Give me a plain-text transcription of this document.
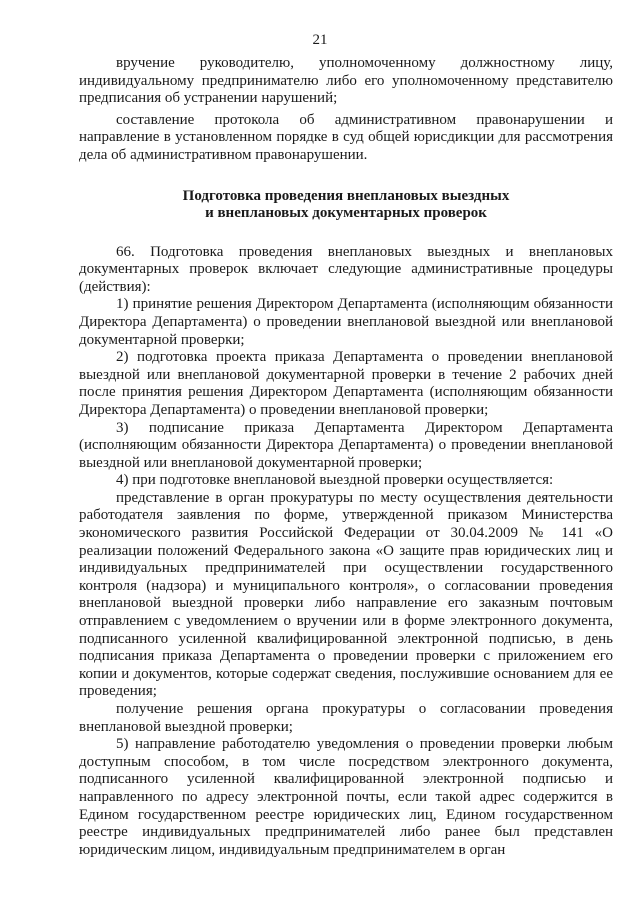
21

вручение руководителю, уполномоченному должностному лицу, индивидуальному предпринимателю либо его уполномоченному представителю предписания об устранении нарушений;

составление протокола об административном правонарушении и направление в установленном порядке в суд общей юрисдикции для рассмотрения дела об административном правонарушении.

Подготовка проведения внеплановых выездных
и внеплановых документарных проверок

66. Подготовка проведения внеплановых выездных и внеплановых документарных проверок включает следующие административные процедуры (действия):

1) принятие решения Директором Департамента (исполняющим обязанности Директора Департамента) о проведении внеплановой выездной или внеплановой документарной проверки;

2) подготовка проекта приказа Департамента о проведении внеплановой выездной или внеплановой документарной проверки в течение 2 рабочих дней после принятия решения Директором Департамента (исполняющим обязанности Директора Департамента) о проведении внеплановой проверки;

3) подписание приказа Департамента Директором Департамента (исполняющим обязанности Директора Департамента) о проведении внеплановой выездной или внеплановой документарной проверки;

4) при подготовке внеплановой выездной проверки осуществляется:

представление в орган прокуратуры по месту осуществления деятельности работодателя заявления по форме, утвержденной приказом Министерства экономического развития Российской Федерации от 30.04.2009 № 141 «О реализации положений Федерального закона «О защите прав юридических лиц и индивидуальных предпринимателей при осуществлении государственного контроля (надзора) и муниципального контроля», о согласовании проведения внеплановой выездной проверки либо направление его заказным почтовым отправлением с уведомлением о вручении или в форме электронного документа, подписанного усиленной квалифицированной электронной подписью, в день подписания приказа Департамента о проведении проверки с приложением его копии и документов, которые содержат сведения, послужившие основанием для ее проведения;

получение решения органа прокуратуры о согласовании проведения внеплановой выездной проверки;

5) направление работодателю уведомления о проведении проверки любым доступным способом, в том числе посредством электронного документа, подписанного усиленной квалифицированной электронной подписью и направленного по адресу электронной почты, если такой адрес содержится в Едином государственном реестре юридических лиц, Едином государственном реестре индивидуальных предпринимателей либо ранее был представлен юридическим лицом, индивидуальным предпринимателем в орган
